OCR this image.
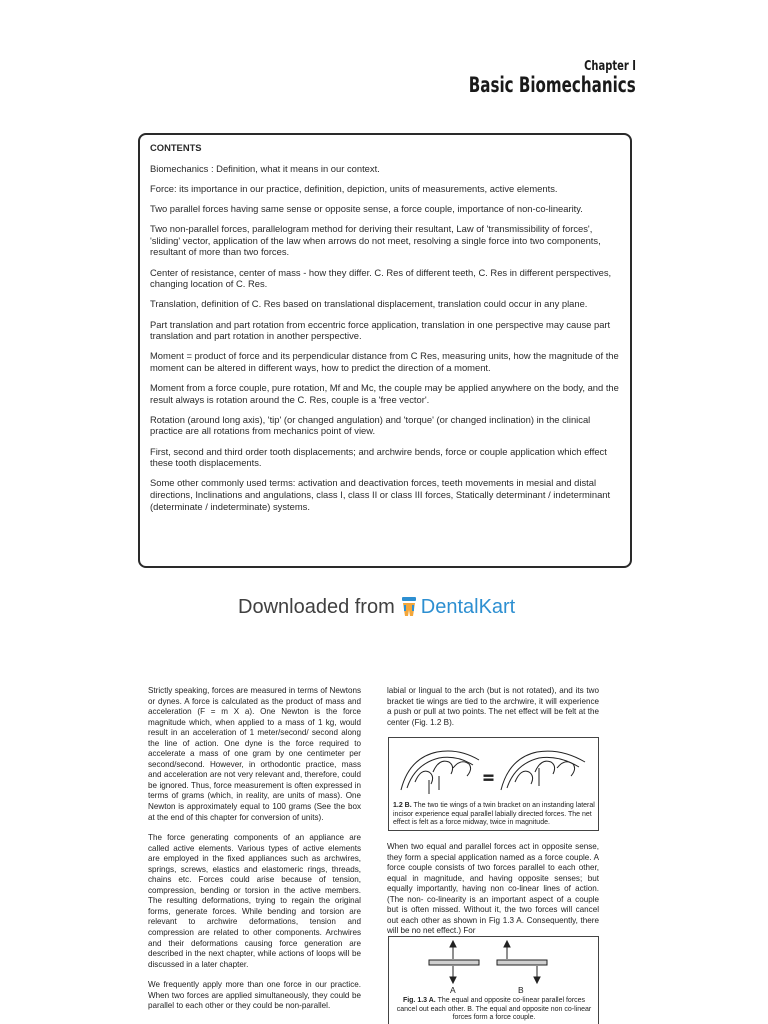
Chapter I
Basic Biomechanics
CONTENTS

Biomechanics : Definition, what it means in our context.

Force: its importance in our practice, definition, depiction, units of measurements, active elements.

Two parallel forces having same sense or opposite sense, a force couple, importance of non-co-linearity.

Two non-parallel forces, parallelogram method for deriving their resultant, Law of 'transmissibility of forces', 'sliding' vector, application of the law when arrows do not meet, resolving a single force into two components, resultant of more than two forces.

Center of resistance, center of mass - how they differ. C. Res of different teeth, C. Res in different perspectives, changing location of C. Res.

Translation, definition of C. Res based on translational displacement, translation could occur in any plane.

Part translation and part rotation from eccentric force application, translation in one perspective may cause part translation and part rotation in another perspective.

Moment = product of force and its perpendicular distance from C Res, measuring units, how the magnitude of the moment can be altered in different ways, how to predict the direction of a moment.

Moment from a force couple, pure rotation, Mf and Mc, the couple may be applied anywhere on the body, and the result always is rotation around the C. Res, couple is a 'free vector'.

Rotation (around long axis), 'tip' (or changed angulation) and 'torque' (or changed inclination) in the clinical practice are all rotations from mechanics point of view.

First, second and third order tooth displacements; and archwire bends, force or couple application which effect these tooth displacements.

Some other commonly used terms: activation and deactivation forces, teeth movements in mesial and distal directions, Inclinations and angulations, class I, class II or class III forces, Statically determinant / indeterminant (determinate / indeterminate) systems.

Downloaded from DentalKart

Strictly speaking, forces are measured in terms of Newtons or dynes. A force is calculated as the product of mass and acceleration (F = m X a). One Newton is the force magnitude which, when applied to a mass of 1 kg, would result in an acceleration of 1 meter/second/ second along the line of action. One dyne is the force required to accelerate a mass of one gram by one centimeter per second/second. However, in orthodontic practice, mass and acceleration are not very relevant and, therefore, could be ignored. Thus, force measurement is often expressed in terms of grams (which, in reality, are units of mass). One Newton is approximately equal to 100 grams (See the box at the end of this chapter for conversion of units).

The force generating components of an appliance are called active elements. Various types of active elements are employed in the fixed appliances such as archwires, springs, screws, elastics and elastomeric rings, threads, chains etc. Forces could arise because of tension, compression, bending or torsion in the active members. The resulting deformations, trying to regain the original forms, generate forces. While bending and torsion are relevant to archwire deformations, tension and compression are related to other components. Archwires and their deformations causing force generation are described in the next chapter, while actions of loops will be discussed in a later chapter.

We frequently apply more than one force in our practice. When two forces are applied simultaneously, they could be parallel to each other or they could be non-parallel.

labial or lingual to the arch (but is not rotated), and its two bracket tie wings are tied to the archwire, it will experience a push or pull at two points. The net effect will be felt at the center (Fig. 1.2 B).

1.2 B. The two tie wings of a twin bracket on an instanding lateral incisor experience equal parallel labially directed forces. The net effect is felt as a force midway, twice in magnitude.

When two equal and parallel forces act in opposite sense, they form a special application named as a force couple. A force couple consists of two forces parallel to each other, equal in magnitude, and having opposite senses; but equally importantly, having non co-linear lines of action. (The non- co-linearity is an important aspect of a couple but is often missed. Without it, the two forces will cancel out each other as shown in Fig 1.3 A. Consequently, there will be no net effect.) For

A	B
Fig. 1.3 A. The equal and opposite co-linear parallel forces cancel out each other. B. The equal and opposite non co-linear forces form a force couple.
